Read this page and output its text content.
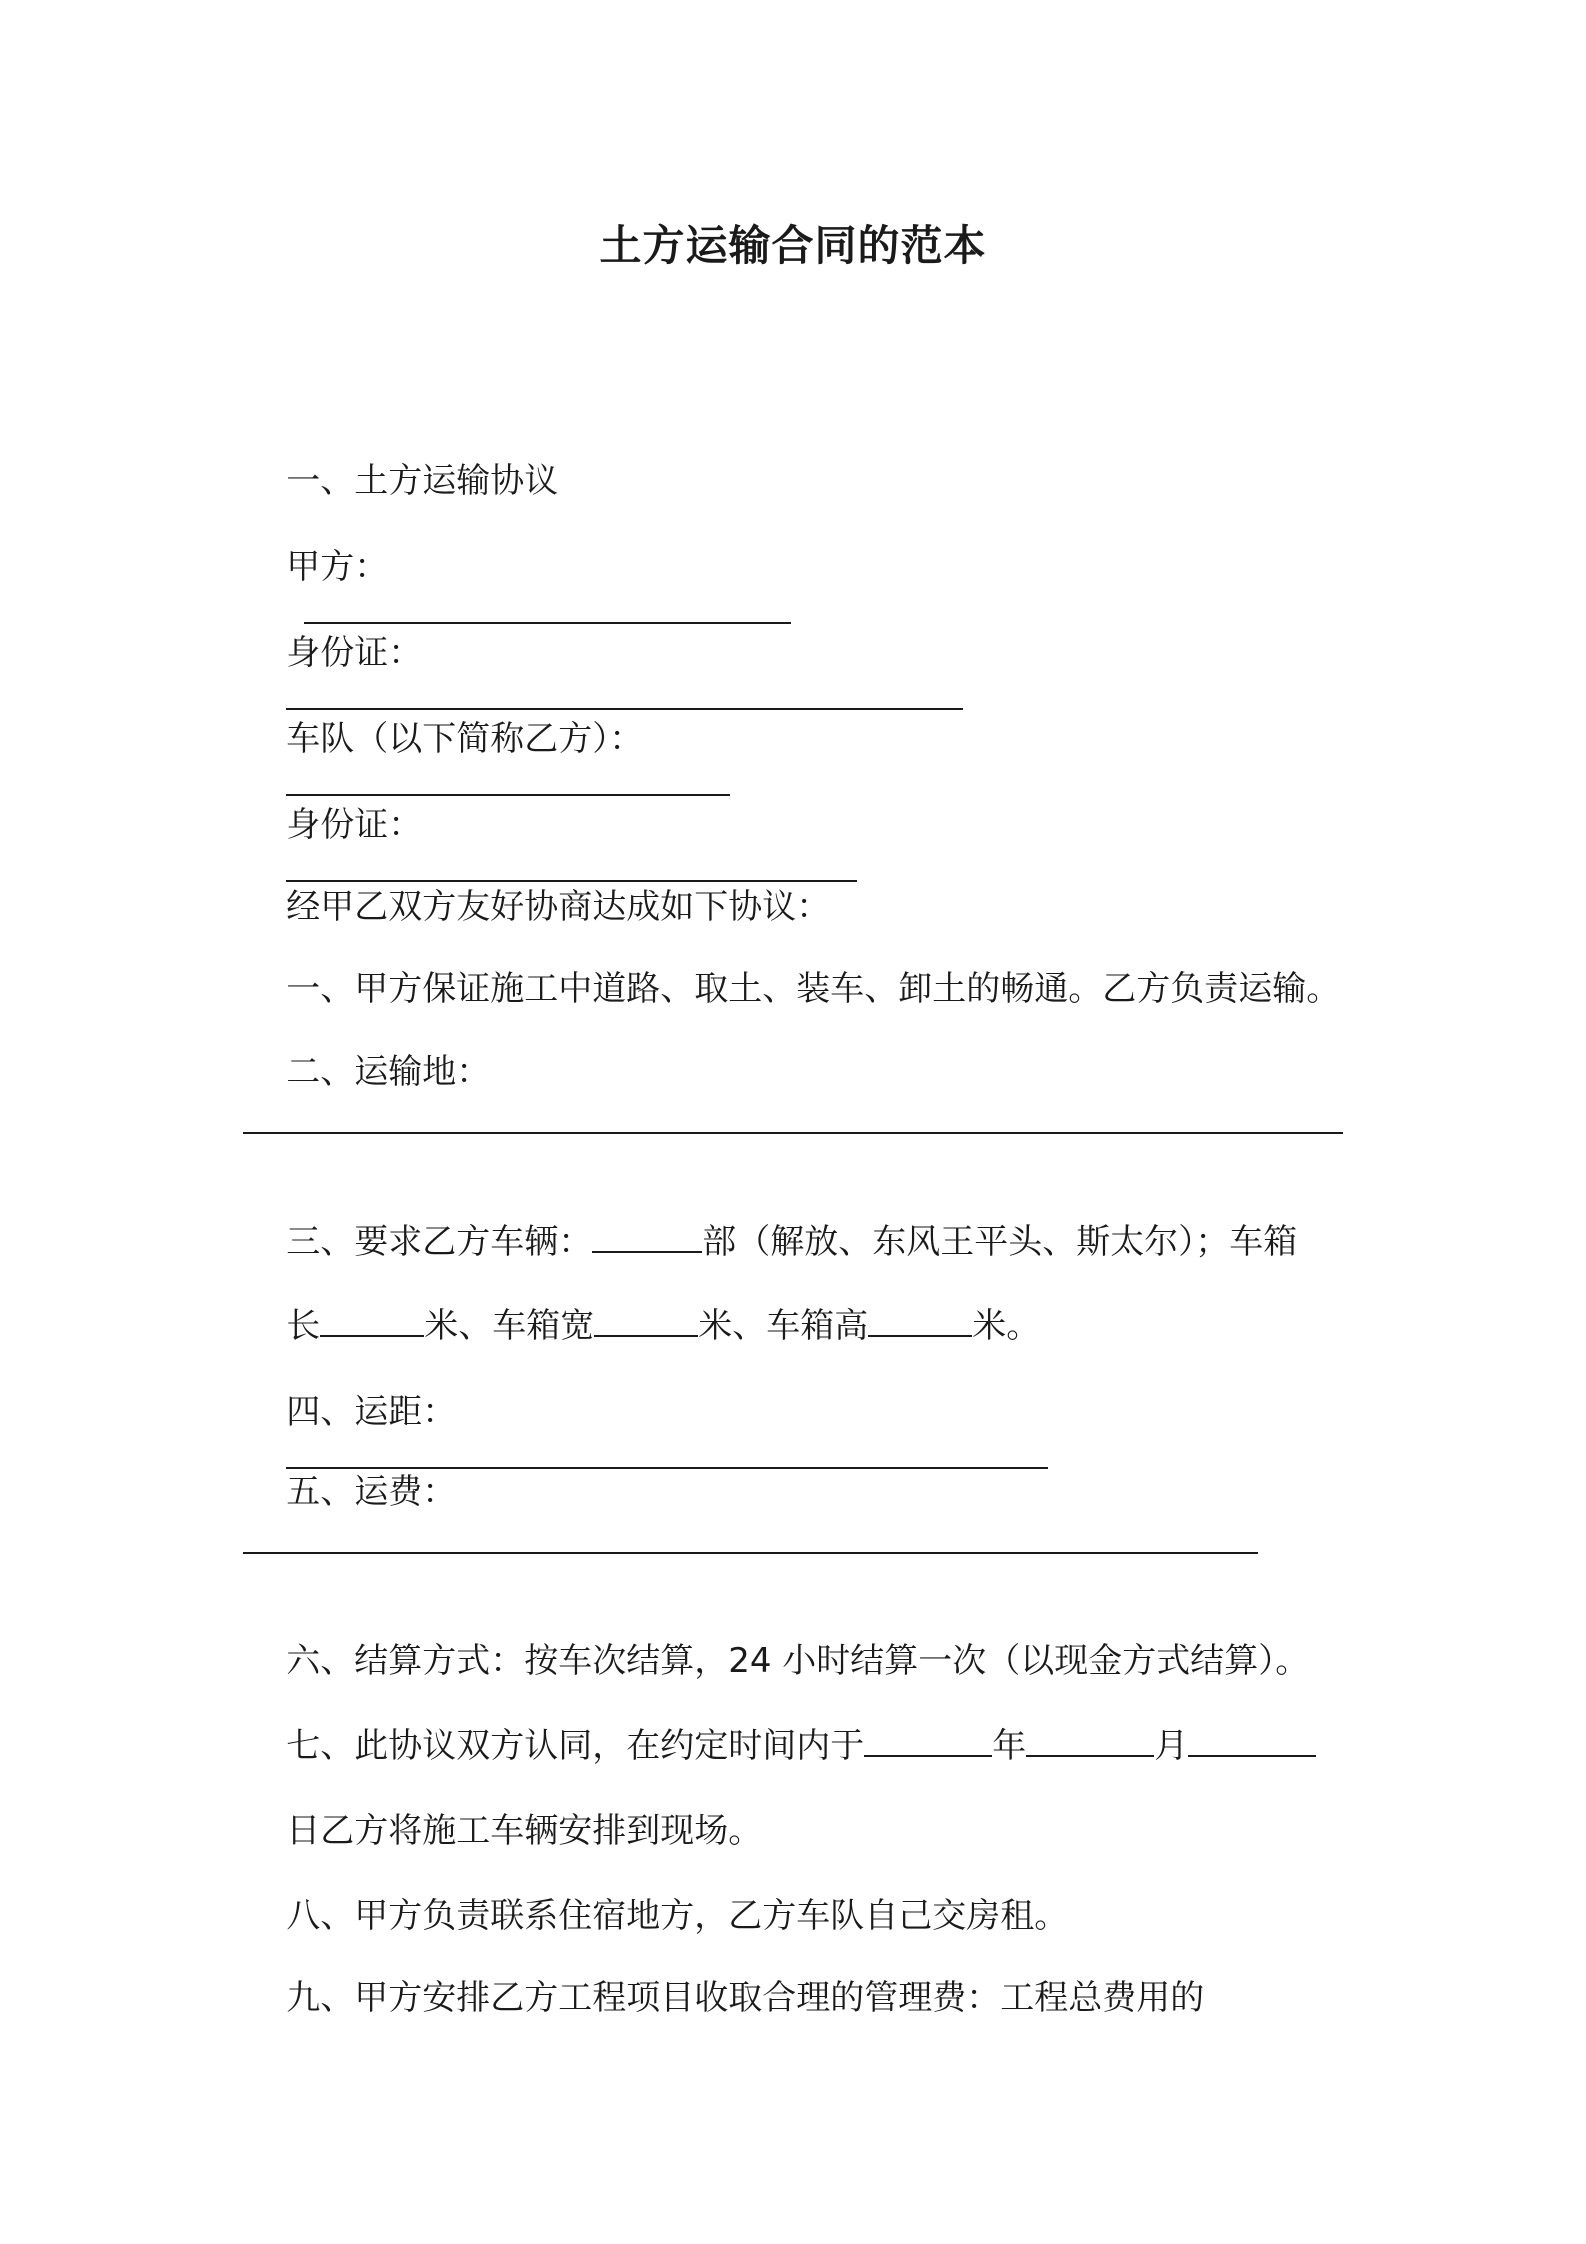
土方运输合同的范本

一、土方运输协议

甲方：

身份证：

车队（以下简称乙方）：

身份证：

经甲乙双方友好协商达成如下协议：

一、甲方保证施工中道路、取土、装车、卸土的畅通。乙方负责运输。

二、运输地：

三、要求乙方车辆：	部（解放、东风王平头、斯太尔）；车箱

长	米、车箱宽	米、车箱高	米。

四、运距：

五、运费：

六、结算方式：按车次结算，24 小时结算一次（以现金方式结算）。

七、此协议双方认同，在约定时间内于	年	月

日乙方将施工车辆安排到现场。

八、甲方负责联系住宿地方，乙方车队自己交房租。

九、甲方安排乙方工程项目收取合理的管理费：工程总费用的
